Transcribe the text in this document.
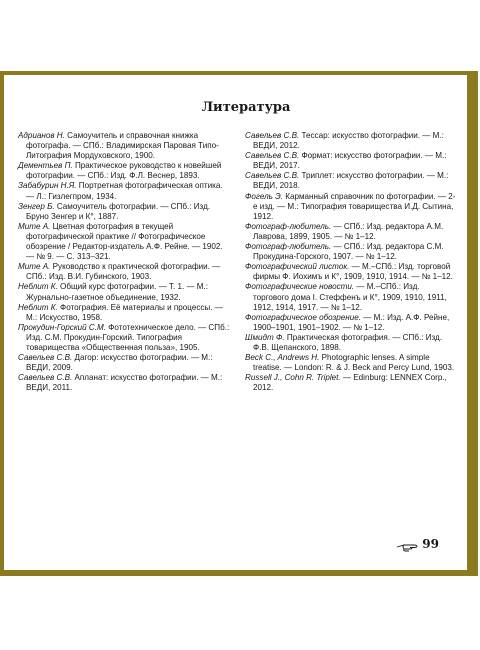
Литература
Адрианов Н. Самоучитель и справочная книжка фотографа. — СПб.: Владимирская Паровая Типо-Литография Мордуховского, 1900.
Дементьев П. Практическое руководство к новейшей фотографии. — СПб.: Изд. Ф.Л. Веснер, 1893.
Забабурин Н.Я. Портретная фотографическая оптика. — Л.: Гизлегпром, 1934.
Зенгер Б. Самоучитель фотографии. — СПб.: Изд. Бруно Зенгер и К°, 1887.
Мите А. Цветная фотография в текущей фотографической практике // Фотографическое обозрение / Редактор-издатель А.Ф. Рейне. — 1902. — № 9. — С. 313–321.
Мите А. Руководство к практической фотографии. — СПб.: Изд. В.И. Губинского, 1903.
Неблит К. Общий курс фотографии. — Т. 1. — М.: Журнально-газетное объединение, 1932.
Неблит К. Фотография. Её материалы и процессы. — М.: Искусство, 1958.
Прокудин-Горский С.М. Фототехническое дело. — СПб.: Изд. С.М. Прокудин-Горский. Типография товарищества «Общественная польза», 1905.
Савельев С.В. Дагор: искусство фотографии. — М.: ВЕДИ, 2009.
Савельев С.В. Апланат: искусство фотографии. — М.: ВЕДИ, 2011.
Савельев С.В. Тессар: искусство фотографии. — М.: ВЕДИ, 2012.
Савельев С.В. Формат: искусство фотографии. — М.: ВЕДИ, 2017.
Савельев С.В. Триплет: искусство фотографии. — М.: ВЕДИ, 2018.
Фогель Э. Карманный справочник по фотографии. — 2-е изд. — М.: Типография товарищества И.Д. Сытина, 1912.
Фотограф-любитель. — СПб.: Изд. редактора А.М. Лаврова, 1899, 1905. — № 1–12.
Фотограф-любитель. — СПб.: Изд. редактора С.М. Прокудина-Горского, 1907. — № 1–12.
Фотографический листок. — М.–СПб.: Изд. торговой фирмы Ф. Иохимъ и К°, 1909, 1910, 1914. — № 1–12.
Фотографические новости. — М.–СПб.: Изд. торгового дома I. Стеффенъ и К°, 1909, 1910, 1911, 1912, 1914, 1917. — № 1–12.
Фотографическое обозрение. — М.: Изд. А.Ф. Рейне, 1900–1901, 1901–1902. — № 1–12.
Шмидт Ф. Практическая фотография. — СПб.: Изд. Ф.В. Щепанского, 1898.
Beck C., Andrews H. Photographic lenses. A simple treatise. — London: R. & J. Beck and Percy Lund, 1903.
Russell J., Cohn R. Triplet. — Edinburg: LENNEX Corp., 2012.
99
